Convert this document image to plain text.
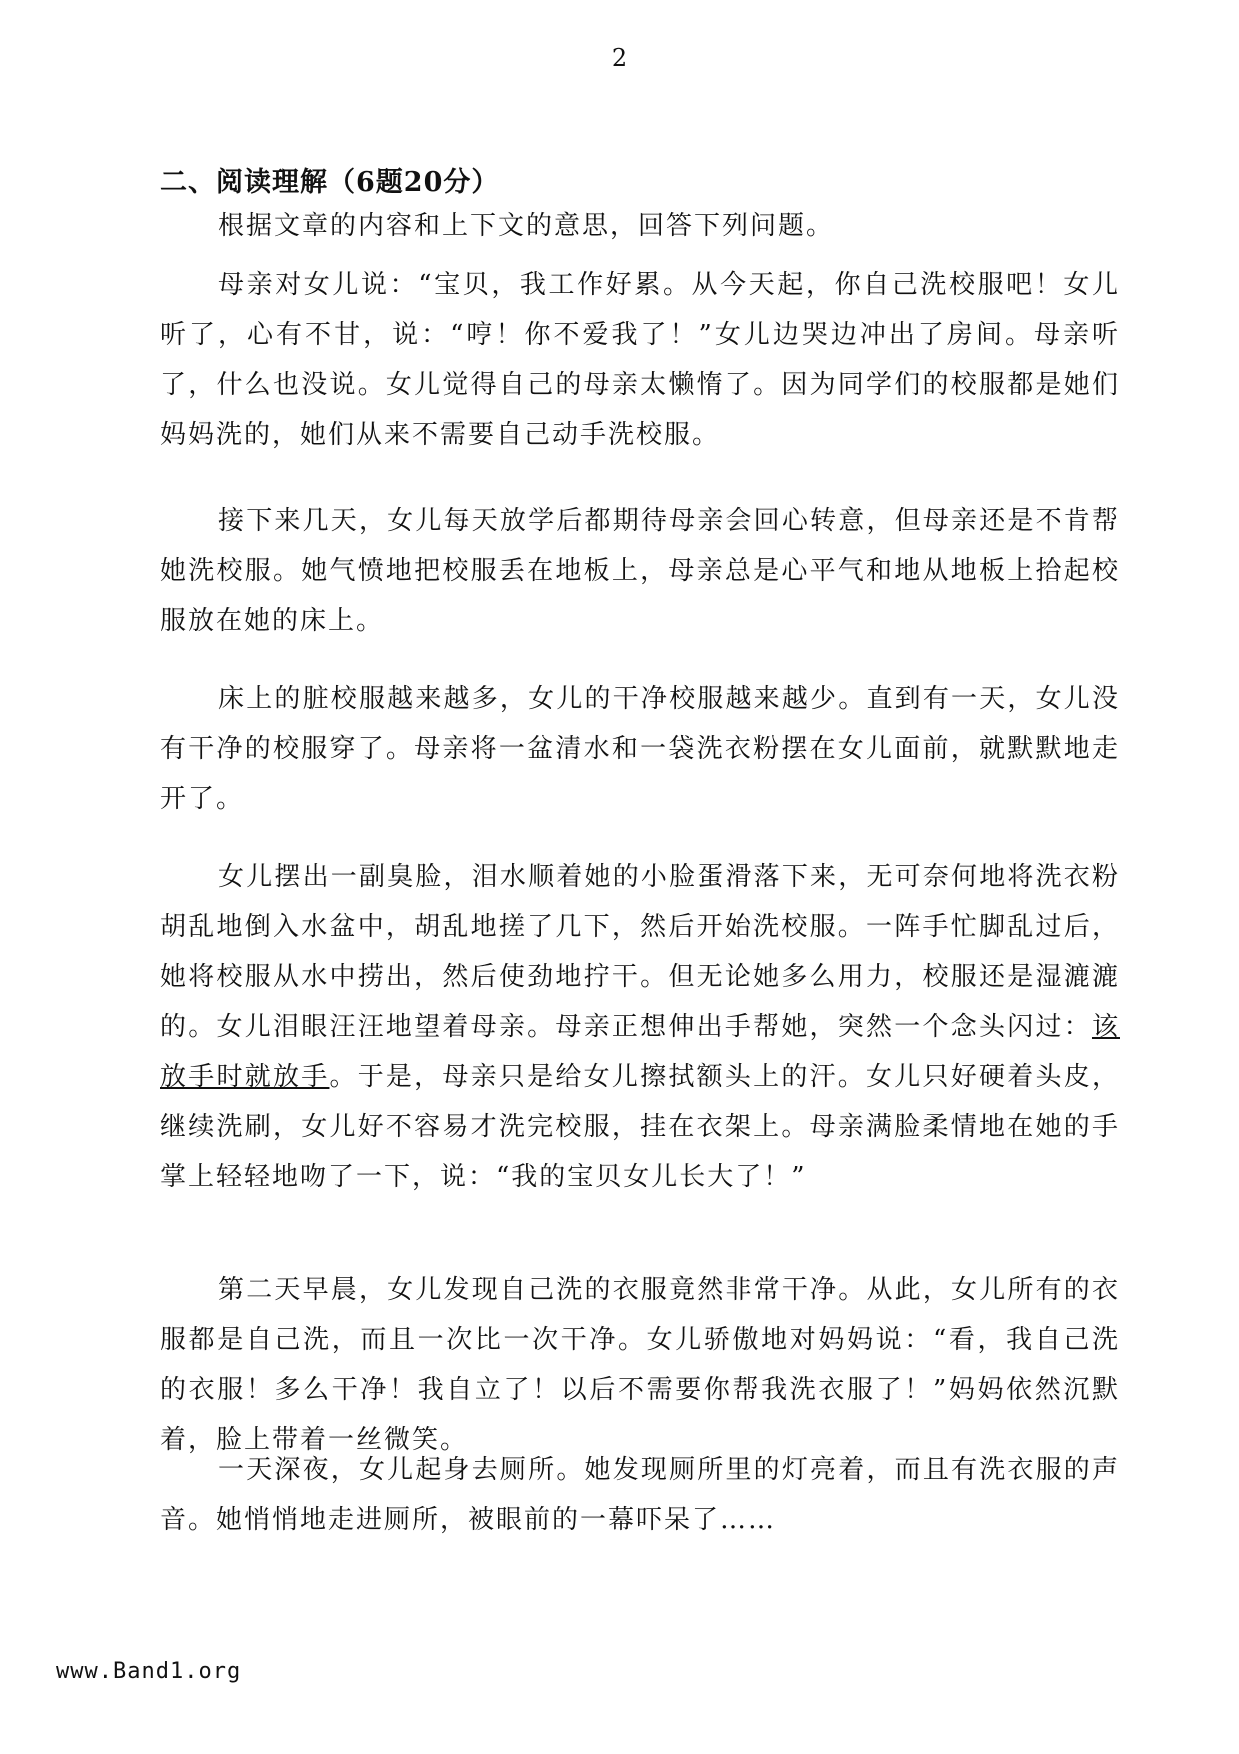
2
二、阅读理解（6题20分）
根据文章的内容和上下文的意思，回答下列问题。

母亲对女儿说：“宝贝，我工作好累。从今天起，你自己洗校服吧！女儿听了，心有不甘，说：“哼！你不爱我了！”女儿边哭边冲出了房间。母亲听了，什么也没说。女儿觉得自己的母亲太懒惰了。因为同学们的校服都是她们妈妈洗的，她们从来不需要自己动手洗校服。

接下来几天，女儿每天放学后都期待母亲会回心转意，但母亲还是不肯帮她洗校服。她气愤地把校服丢在地板上，母亲总是心平气和地从地板上拾起校服放在她的床上。

床上的脏校服越来越多，女儿的干净校服越来越少。直到有一天，女儿没有干净的校服穿了。母亲将一盆清水和一袋洗衣粉摆在女儿面前，就默默地走开了。

女儿摆出一副臭脸，泪水顺着她的小脸蛋滑落下来，无可奈何地将洗衣粉胡乱地倒入水盆中，胡乱地搓了几下，然后开始洗校服。一阵手忙脚乱过后，她将校服从水中捞出，然后使劲地拧干。但无论她多么用力，校服还是湿漉漉的。女儿泪眼汪汪地望着母亲。母亲正想伸出手帮她，突然一个念头闪过：该放手时就放手。于是，母亲只是给女儿擦拭额头上的汗。女儿只好硬着头皮，继续洗刷，女儿好不容易才洗完校服，挂在衣架上。母亲满脸柔情地在她的手掌上轻轻地吻了一下，说：“我的宝贝女儿长大了！”

第二天早晨，女儿发现自己洗的衣服竟然非常干净。从此，女儿所有的衣服都是自己洗，而且一次比一次干净。女儿骄傲地对妈妈说：“看，我自己洗的衣服！多么干净！我自立了！以后不需要你帮我洗衣服了！”妈妈依然沉默着，脸上带着一丝微笑。

一天深夜，女儿起身去厕所。她发现厕所里的灯亮着，而且有洗衣服的声音。她悄悄地走进厕所，被眼前的一幕吓呆了……

www.Band1.org
